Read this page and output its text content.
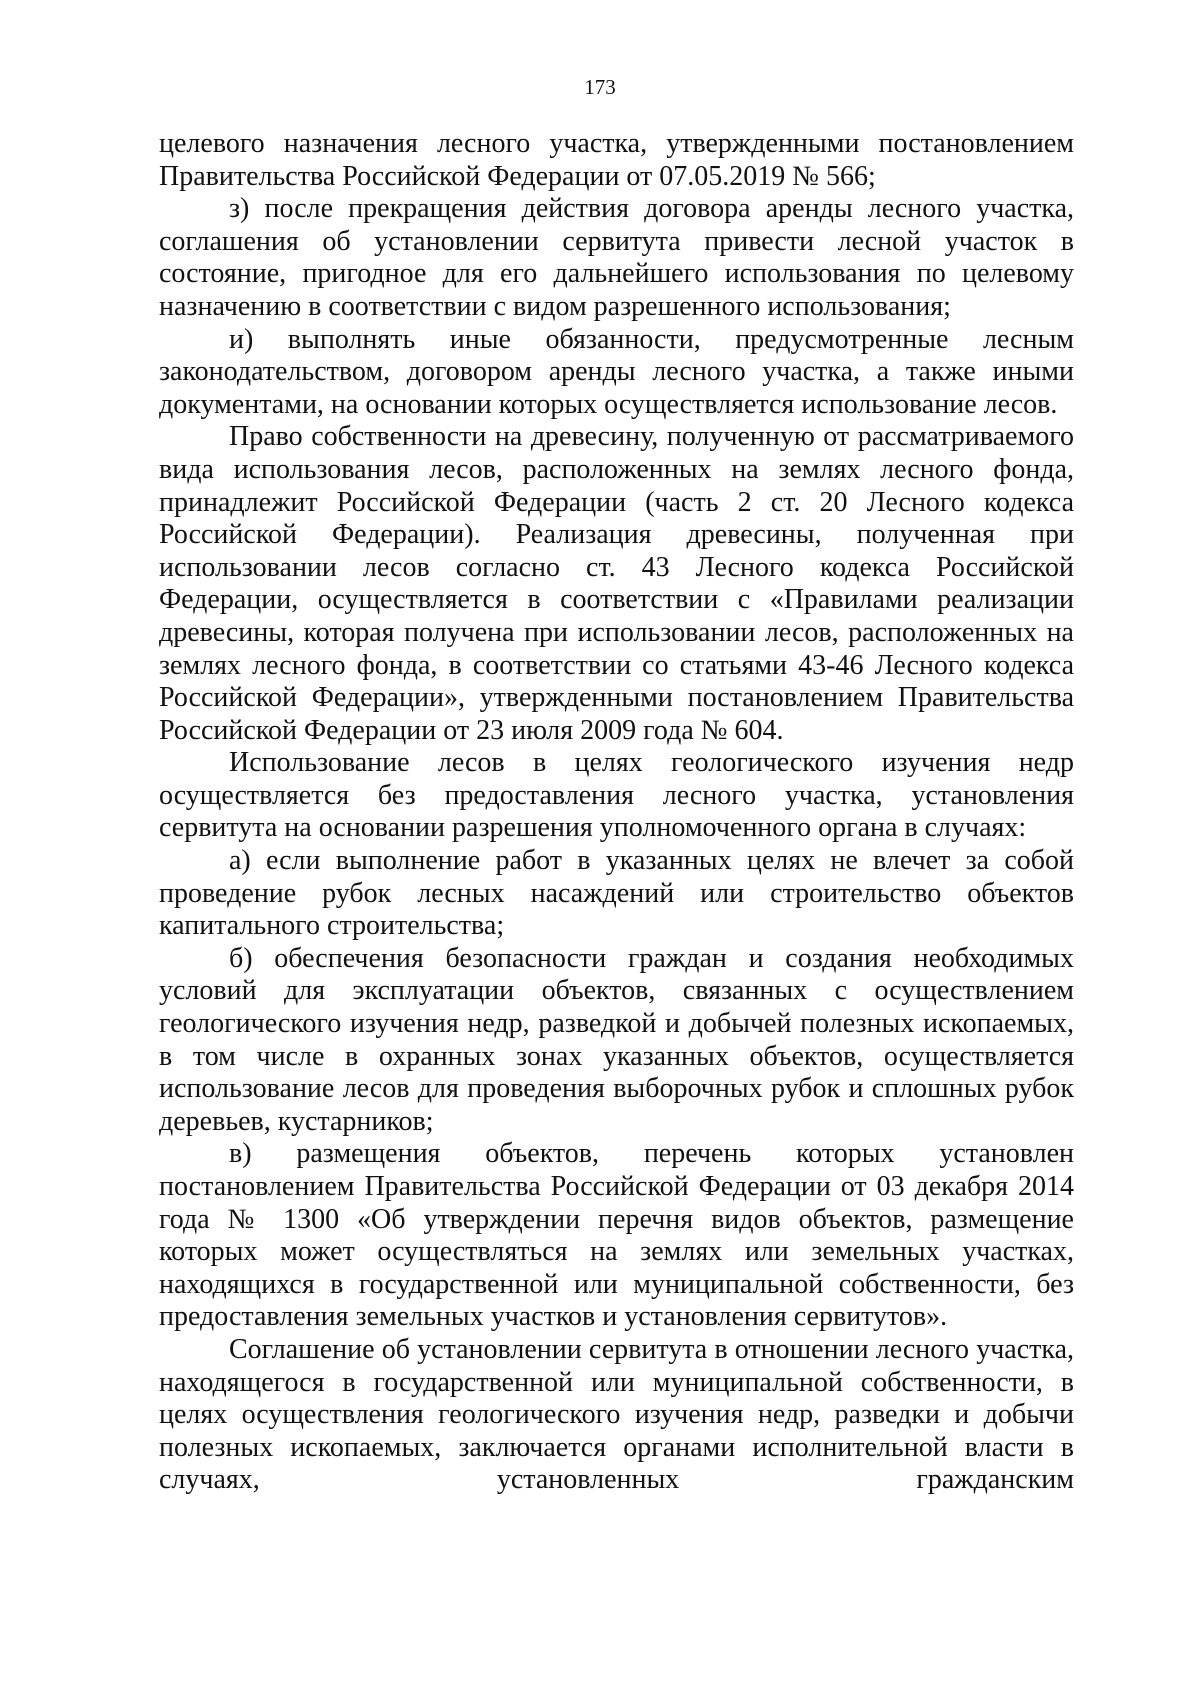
173

целевого назначения лесного участка, утвержденными постановлением Правительства Российской Федерации от 07.05.2019 № 566;

з) после прекращения действия договора аренды лесного участка, соглашения об установлении сервитута привести лесной участок в состояние, пригодное для его дальнейшего использования по целевому назначению в соответствии с видом разрешенного использования;

и) выполнять иные обязанности, предусмотренные лесным законодательством, договором аренды лесного участка, а также иными документами, на основании которых осуществляется использование лесов.

Право собственности на древесину, полученную от рассматриваемого вида использования лесов, расположенных на землях лесного фонда, принадлежит Российской Федерации (часть 2 ст. 20 Лесного кодекса Российской Федерации). Реализация древесины, полученная при использовании лесов согласно ст. 43 Лесного кодекса Российской Федерации, осуществляется в соответствии с «Правилами реализации древесины, которая получена при использовании лесов, расположенных на землях лесного фонда, в соответствии со статьями 43-46 Лесного кодекса Российской Федерации», утвержденными постановлением Правительства Российской Федерации от 23 июля 2009 года № 604.

Использование лесов в целях геологического изучения недр осуществляется без предоставления лесного участка, установления сервитута на основании разрешения уполномоченного органа в случаях:

а) если выполнение работ в указанных целях не влечет за собой проведение рубок лесных насаждений или строительство объектов капитального строительства;

б) обеспечения безопасности граждан и создания необходимых условий для эксплуатации объектов, связанных с осуществлением геологического изучения недр, разведкой и добычей полезных ископаемых, в том числе в охранных зонах указанных объектов, осуществляется использование лесов для проведения выборочных рубок и сплошных рубок деревьев, кустарников;

в) размещения объектов, перечень которых установлен постановлением Правительства Российской Федерации от 03 декабря 2014 года № 1300 «Об утверждении перечня видов объектов, размещение которых может осуществляться на землях или земельных участках, находящихся в государственной или муниципальной собственности, без предоставления земельных участков и установления сервитутов».

Соглашение об установлении сервитута в отношении лесного участка, находящегося в государственной или муниципальной собственности, в целях осуществления геологического изучения недр, разведки и добычи полезных ископаемых, заключается органами исполнительной власти в случаях, установленных гражданским
